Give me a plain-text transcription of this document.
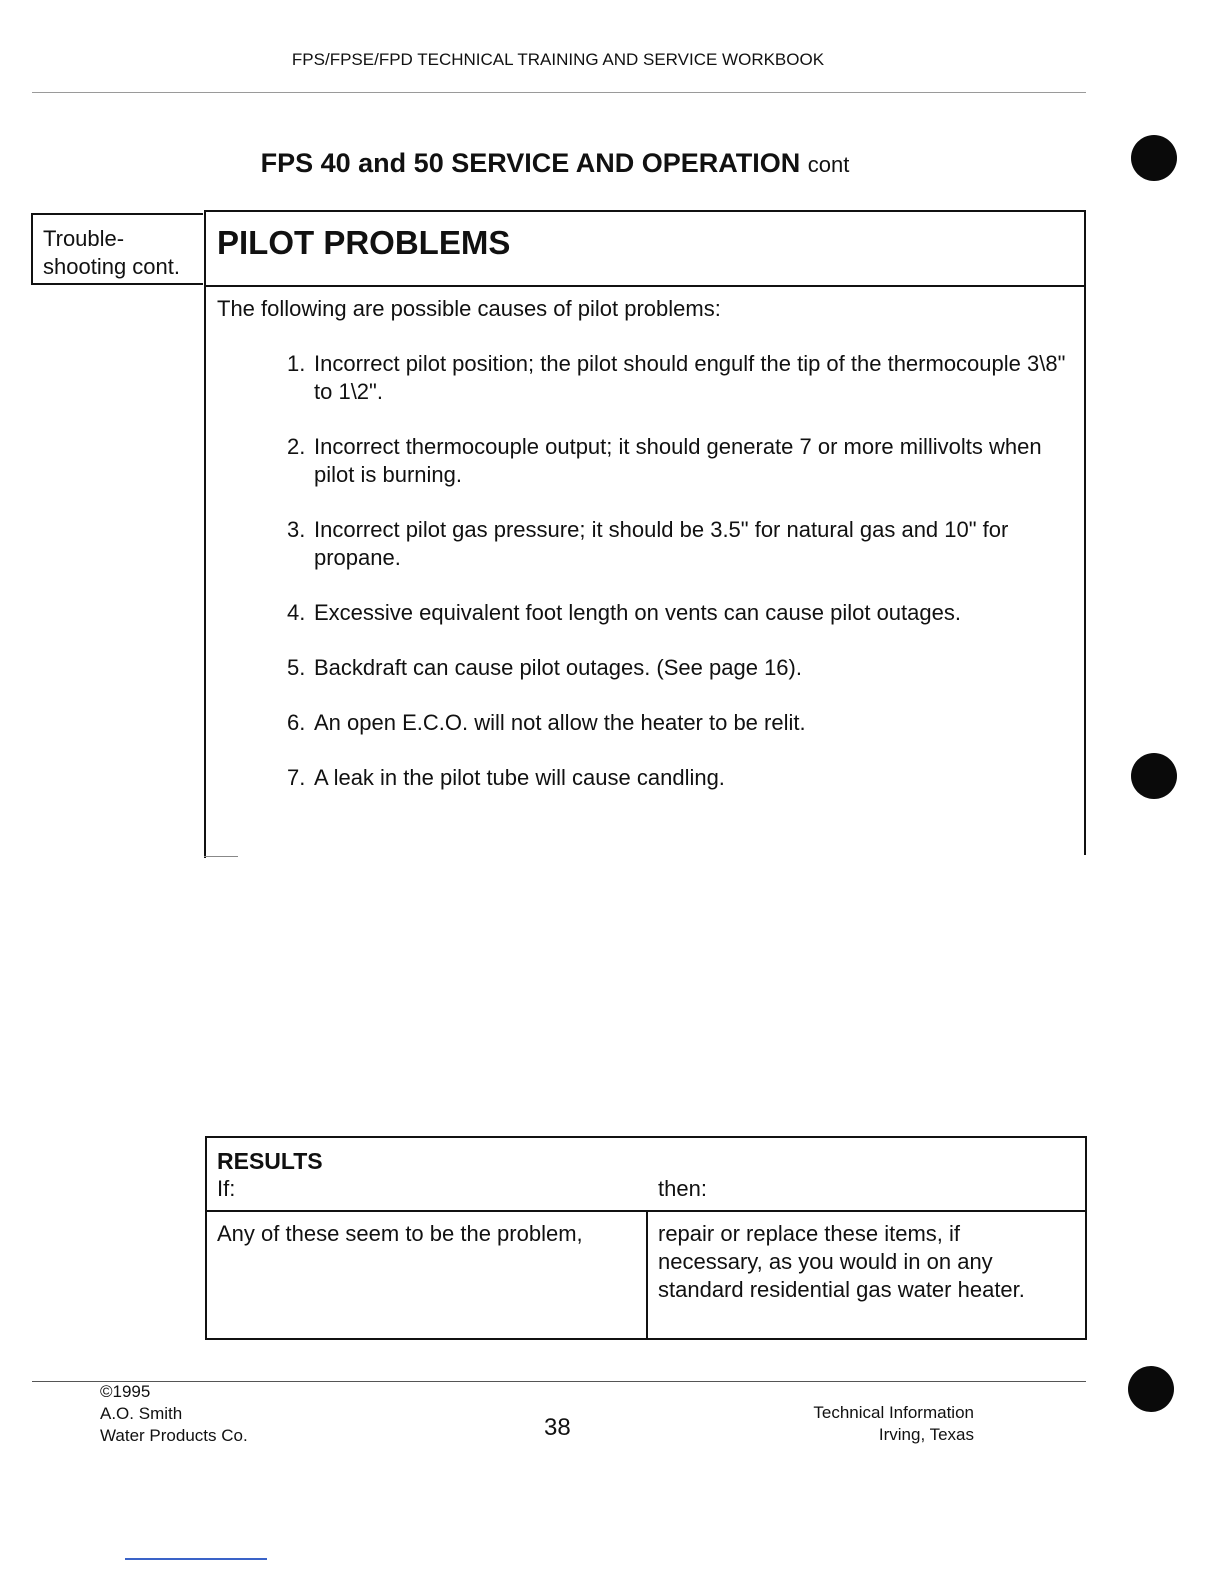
FPS/FPSE/FPD TECHNICAL TRAINING AND SERVICE WORKBOOK
FPS 40 and 50 SERVICE AND OPERATION cont
Trouble-
shooting cont.
PILOT PROBLEMS
The following are possible causes of pilot problems:
1. Incorrect pilot position; the pilot should engulf the tip of the thermocouple 3\8" to 1\2".
2. Incorrect thermocouple output; it should generate 7 or more millivolts when pilot is burning.
3. Incorrect pilot gas pressure; it should be 3.5" for natural gas and 10" for propane.
4. Excessive equivalent foot length on vents can cause pilot outages.
5. Backdraft can cause pilot outages. (See page 16).
6. An open E.C.O. will not allow the heater to be relit.
7. A leak in the pilot tube will cause candling.
RESULTS
If:	then:
Any of these seem to be the problem,	repair or replace these items, if necessary, as you would in on any standard residential gas water heater.
©1995
A.O. Smith
Water Products Co.	38
Technical Information
Irving, Texas
